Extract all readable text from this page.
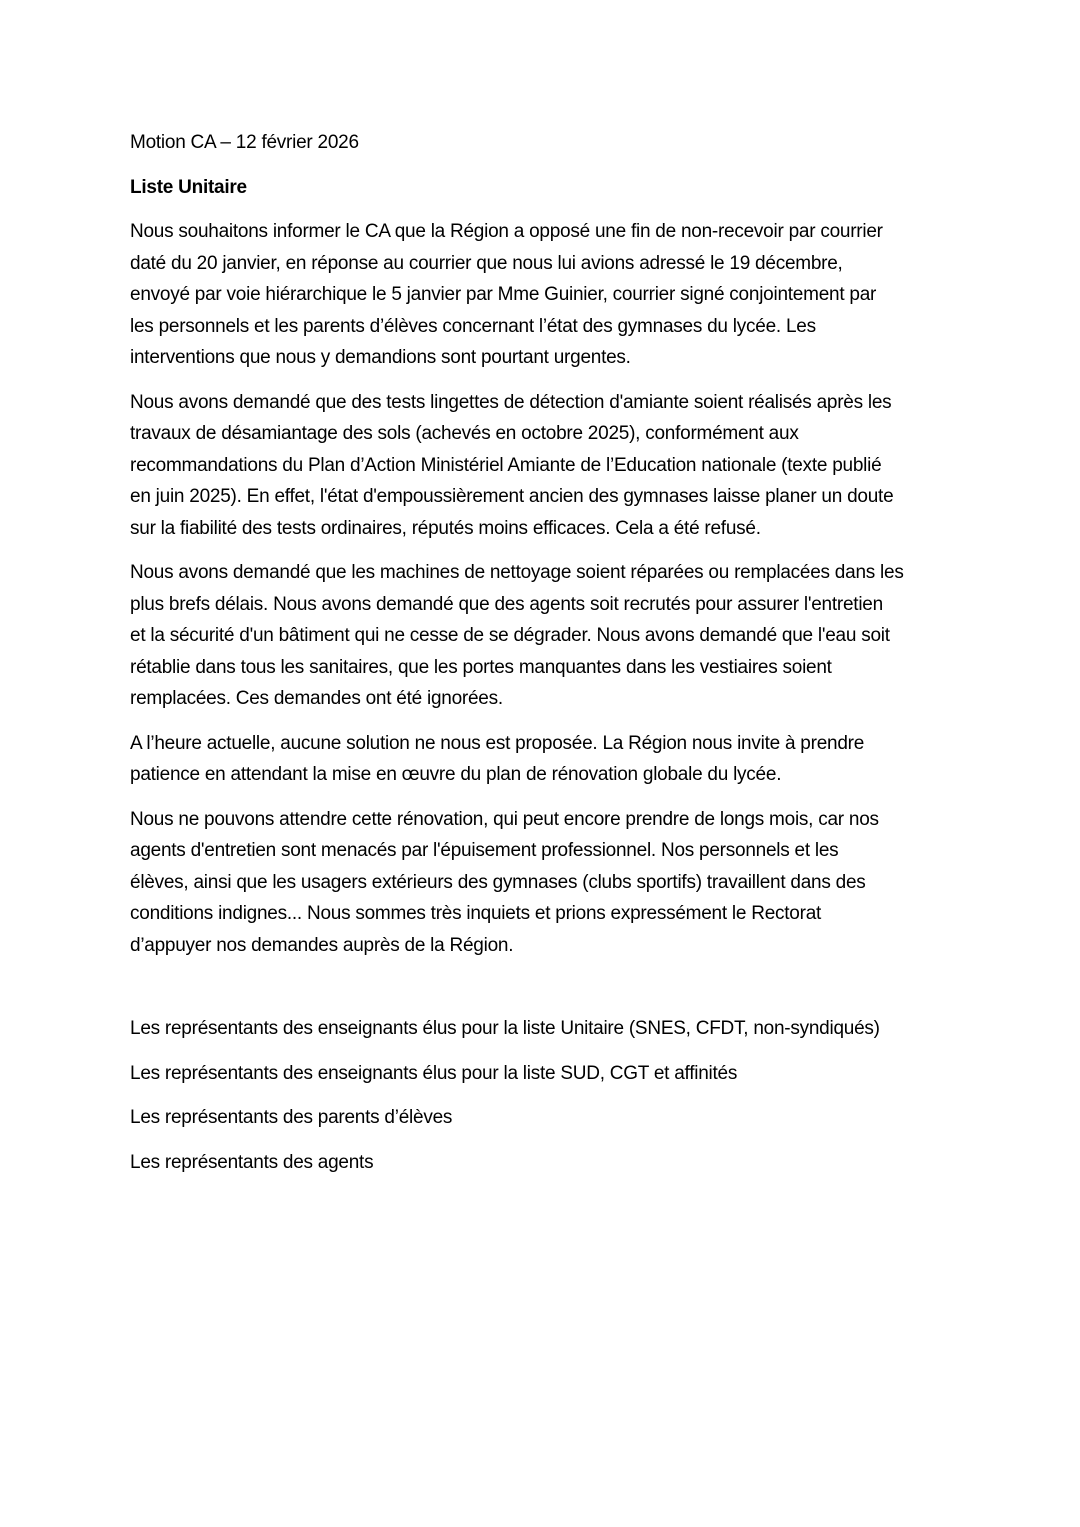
Motion CA – 12 février 2026

Liste Unitaire

Nous souhaitons informer le CA que la Région a opposé une fin de non-recevoir par courrier
daté du 20 janvier, en réponse au courrier que nous lui avions adressé le 19 décembre,
envoyé par voie hiérarchique le 5 janvier par Mme Guinier, courrier signé conjointement par
les personnels et les parents d’élèves concernant l’état des gymnases du lycée. Les
interventions que nous y demandions sont pourtant urgentes.
Nous avons demandé que des tests lingettes de détection d'amiante soient réalisés après les
travaux de désamiantage des sols (achevés en octobre 2025), conformément aux
recommandations du Plan d’Action Ministériel Amiante de l’Education nationale (texte publié
en juin 2025). En effet, l'état d'empoussièrement ancien des gymnases laisse planer un doute
sur la fiabilité des tests ordinaires, réputés moins efficaces. Cela a été refusé.
Nous avons demandé que les machines de nettoyage soient réparées ou remplacées dans les
plus brefs délais. Nous avons demandé que des agents soit recrutés pour assurer l'entretien
et la sécurité d'un bâtiment qui ne cesse de se dégrader. Nous avons demandé que l'eau soit
rétablie dans tous les sanitaires, que les portes manquantes dans les vestiaires soient
remplacées. Ces demandes ont été ignorées.
A l’heure actuelle, aucune solution ne nous est proposée. La Région nous invite à prendre
patience en attendant la mise en œuvre du plan de rénovation globale du lycée.
Nous ne pouvons attendre cette rénovation, qui peut encore prendre de longs mois, car nos
agents d'entretien sont menacés par l'épuisement professionnel. Nos personnels et les
élèves, ainsi que les usagers extérieurs des gymnases (clubs sportifs) travaillent dans des
conditions indignes... Nous sommes très inquiets et prions expressément le Rectorat
d’appuyer nos demandes auprès de la Région.

Les représentants des enseignants élus pour la liste Unitaire (SNES, CFDT, non-syndiqués)

Les représentants des enseignants élus pour la liste SUD, CGT et affinités

Les représentants des parents d’élèves

Les représentants des agents
